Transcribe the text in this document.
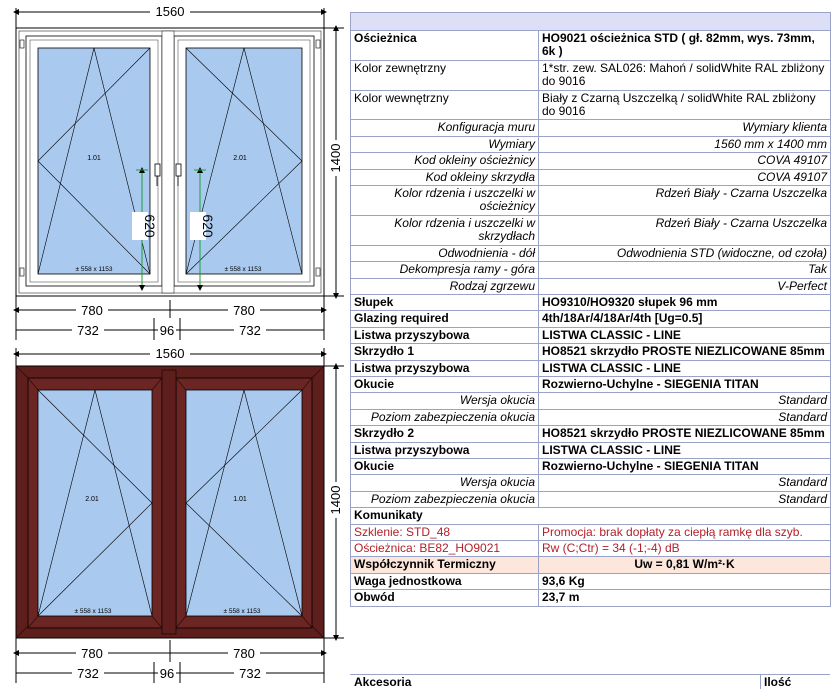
1560
620	620
1.01	2.01
± 558 x 1153	± 558 x 1153
1400
780	780
732	96	732
1560
2.01	1.01
± 558 x 1153	± 558 x 1153
1400
780	780
732	96	732

Ościeżnica	HO9021 ościeżnica STD ( gł. 82mm, wys. 73mm, 6k )
Kolor zewnętrzny	1*str. zew. SAL026: Mahoń / solidWhite RAL zbliżony do 9016
Kolor wewnętrzny	Biały z Czarną Uszczelką / solidWhite RAL zbliżony do 9016
Konfiguracja muru	Wymiary klienta
Wymiary	1560 mm x 1400 mm
Kod okleiny ościeżnicy	COVA 49107
Kod okleiny skrzydła	COVA 49107
Kolor rdzenia i uszczelki w ościeżnicy	Rdzeń Biały - Czarna Uszczelka
Kolor rdzenia i uszczelki w skrzydłach	Rdzeń Biały - Czarna Uszczelka
Odwodnienia - dół	Odwodnienia STD (widoczne, od czoła)
Dekompresja ramy - góra	Tak
Rodzaj zgrzewu	V-Perfect
Słupek	HO9310/HO9320 słupek 96 mm
Glazing required	4th/18Ar/4/18Ar/4th [Ug=0.5]
Listwa przyszybowa	LISTWA CLASSIC - LINE
Skrzydło 1	HO8521 skrzydło PROSTE NIEZLICOWANE 85mm
Listwa przyszybowa	LISTWA CLASSIC - LINE
Okucie	Rozwierno-Uchylne - SIEGENIA TITAN
Wersja okucia	Standard
Poziom zabezpieczenia okucia	Standard
Skrzydło 2	HO8521 skrzydło PROSTE NIEZLICOWANE 85mm
Listwa przyszybowa	LISTWA CLASSIC - LINE
Okucie	Rozwierno-Uchylne - SIEGENIA TITAN
Wersja okucia	Standard
Poziom zabezpieczenia okucia	Standard
Komunikaty	
Szklenie: STD_48	Promocja: brak dopłaty za ciepłą ramkę dla szyb.
Ościeżnica: BE82_HO9021	Rw (C;Ctr) = 34 (-1;-4) dB
Współczynnik Termiczny	Uw = 0,81 W/m²·K
Waga jednostkowa	93,6 Kg
Obwód	23,7 m
Akcesoria	Ilość
